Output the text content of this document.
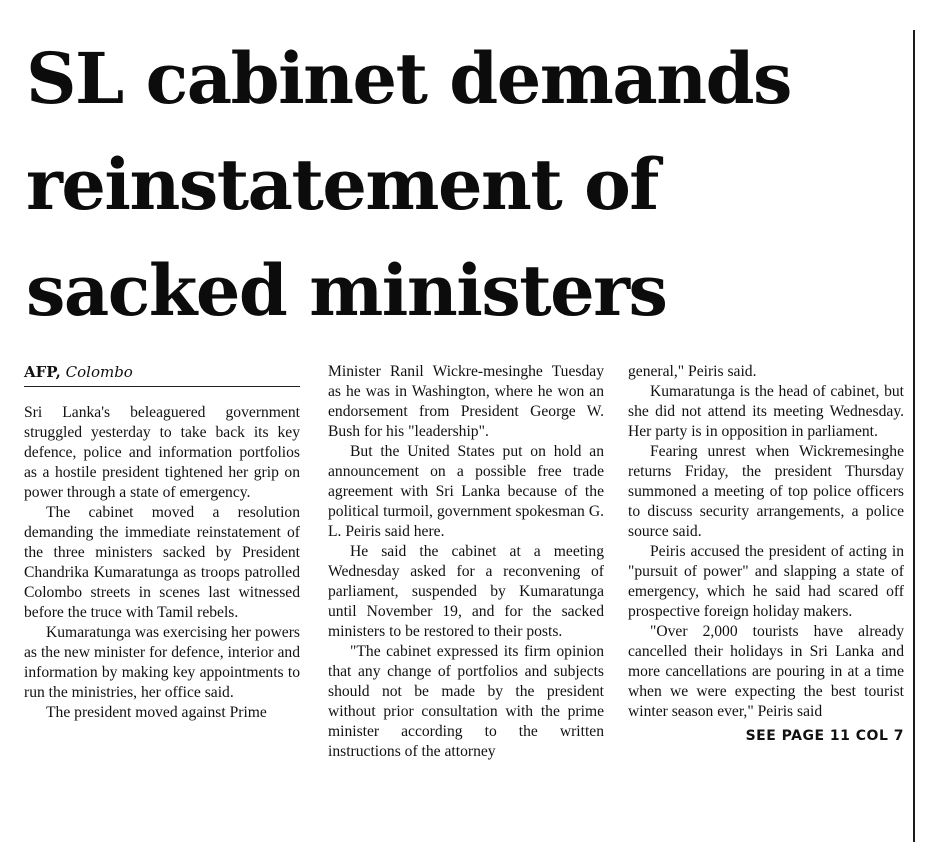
SL cabinet demands
reinstatement of
sacked ministers
AFP, Colombo

Sri Lanka's beleaguered government struggled yesterday to take back its key defence, police and information portfolios as a hostile president tightened her grip on power through a state of emergency.

The cabinet moved a resolution demanding the immediate reinstatement of the three ministers sacked by President Chandrika Kumaratunga as troops patrolled Colombo streets in scenes last witnessed before the truce with Tamil rebels.

Kumaratunga was exercising her powers as the new minister for defence, interior and information by making key appointments to run the ministries, her office said.

The president moved against Prime

Minister Ranil Wickre-mesinghe Tuesday as he was in Washington, where he won an endorsement from President George W. Bush for his "leadership".

But the United States put on hold an announcement on a possible free trade agreement with Sri Lanka because of the political turmoil, government spokesman G. L. Peiris said here.

He said the cabinet at a meeting Wednesday asked for a reconvening of parliament, suspended by Kumaratunga until November 19, and for the sacked ministers to be restored to their posts.

"The cabinet expressed its firm opinion that any change of portfolios and subjects should not be made by the president without prior consultation with the prime minister according to the written instructions of the attorney

general," Peiris said.

Kumaratunga is the head of cabinet, but she did not attend its meeting Wednesday. Her party is in opposition in parliament.

Fearing unrest when Wickremesinghe returns Friday, the president Thursday summoned a meeting of top police officers to discuss security arrangements, a police source said.

Peiris accused the president of acting in "pursuit of power" and slapping a state of emergency, which he said had scared off prospective foreign holiday makers.

"Over 2,000 tourists have already cancelled their holidays in Sri Lanka and more cancellations are pouring in at a time when we were expecting the best tourist winter season ever," Peiris said

SEE PAGE 11 COL 7
